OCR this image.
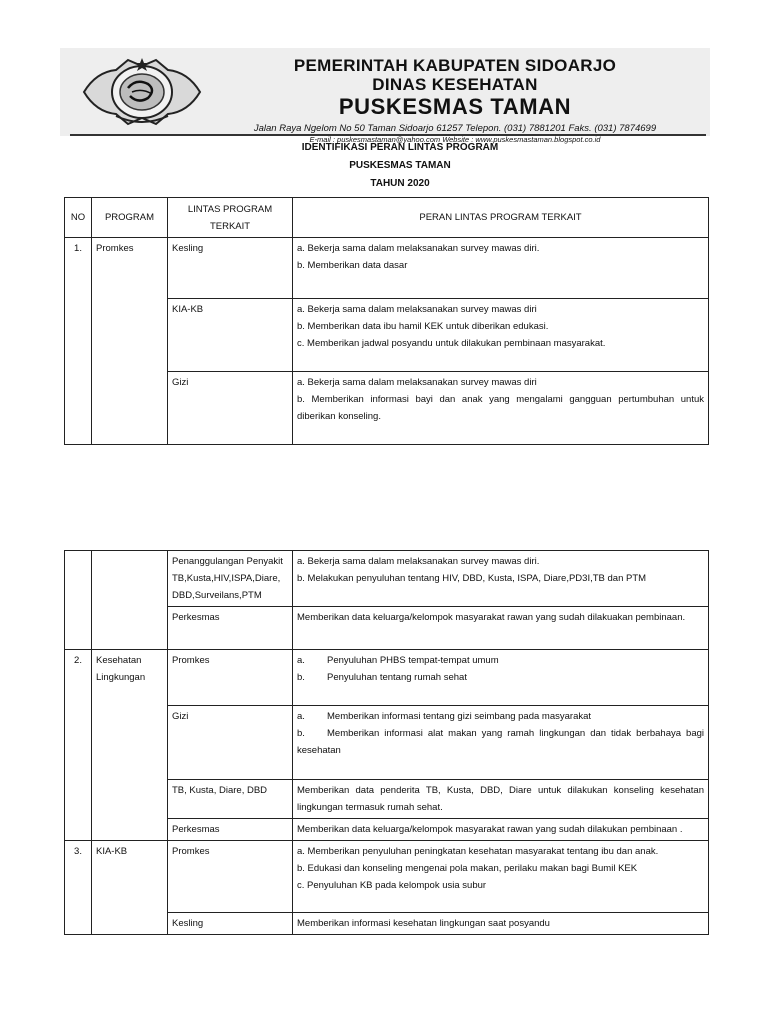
PEMERINTAH KABUPATEN SIDOARJO
DINAS KESEHATAN
PUSKESMAS TAMAN
Jalan Raya Ngelom No 50 Taman Sidoarjo 61257 Telepon. (031) 7881201 Faks. (031) 7874699
E-mail : puskesmastaman@yahoo.com Website : www.puskesmastaman.blogspot.co.id
IDENTIFIKASI PERAN LINTAS PROGRAM
PUSKESMAS TAMAN
TAHUN 2020
NO	PROGRAM	LINTAS PROGRAM TERKAIT	PERAN LINTAS PROGRAM TERKAIT
1.	Promkes	Kesling	a. Bekerja sama dalam melaksanakan survey mawas diri.
b. Memberikan data dasar

		KIA-KB	a. Bekerja sama dalam melaksanakan survey mawas diri
b. Memberikan data ibu hamil KEK untuk diberikan edukasi.
c. Memberikan jadwal posyandu untuk dilakukan pembinaan masyarakat.

		Gizi	a. Bekerja sama dalam melaksanakan survey mawas diri
b. Memberikan informasi bayi dan anak yang mengalami gangguan pertumbuhan untuk diberikan konseling.
		Penanggulangan Penyakit TB,Kusta,HIV,ISPA,Diare, DBD,Surveilans,PTM	a. Bekerja sama dalam melaksanakan survey mawas diri.
b. Melakukan penyuluhan tentang HIV, DBD, Kusta, ISPA, Diare,PD3I,TB dan PTM

		Perkesmas	Memberikan data keluarga/kelompok masyarakat rawan yang sudah dilakuakan pembinaan.
2.	Kesehatan Lingkungan	Promkes	a. Penyuluhan PHBS tempat-tempat umum
b. Penyuluhan tentang rumah sehat

		Gizi	a. Memberikan informasi tentang gizi seimbang pada masyarakat
b. Memberikan informasi alat makan yang ramah lingkungan dan tidak berbahaya bagi kesehatan

		TB, Kusta, Diare, DBD	Memberikan data penderita TB, Kusta, DBD, Diare untuk dilakukan konseling kesehatan lingkungan termasuk rumah sehat.
		Perkesmas	Memberikan data keluarga/kelompok masyarakat rawan yang sudah dilakukan pembinaan .
3.	KIA-KB	Promkes	a. Memberikan penyuluhan peningkatan kesehatan masyarakat tentang ibu dan anak.
b. Edukasi dan konseling mengenai pola makan, perilaku makan bagi Bumil KEK
c. Penyuluhan KB pada kelompok usia subur

		Kesling	Memberikan informasi kesehatan lingkungan saat posyandu
